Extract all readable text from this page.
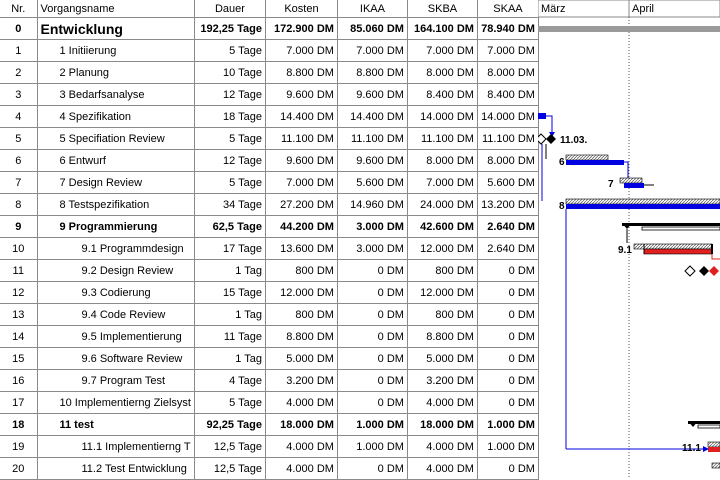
Nr.	Vorgangsname	Dauer	Kosten	IKAA	SKBA	SKAA
0	Entwicklung	192,25 Tage	172.900 DM	85.060 DM	164.100 DM	78.940 DM
1	1 Initiierung	5 Tage	7.000 DM	7.000 DM	7.000 DM	7.000 DM
2	2 Planung	10 Tage	8.800 DM	8.800 DM	8.000 DM	8.000 DM
3	3 Bedarfsanalyse	12 Tage	9.600 DM	9.600 DM	8.400 DM	8.400 DM
4	4 Spezifikation	18 Tage	14.400 DM	14.400 DM	14.000 DM	14.000 DM
5	5 Specifiation Review	5 Tage	11.100 DM	11.100 DM	11.100 DM	11.100 DM
6	6 Entwurf	12 Tage	9.600 DM	9.600 DM	8.000 DM	8.000 DM
7	7 Design Review	5 Tage	7.000 DM	5.600 DM	7.000 DM	5.600 DM
8	8 Testspezifikation	34 Tage	27.200 DM	14.960 DM	24.000 DM	13.200 DM
9	9 Programmierung	62,5 Tage	44.200 DM	3.000 DM	42.600 DM	2.640 DM
10	9.1 Programmdesign	17 Tage	13.600 DM	3.000 DM	12.000 DM	2.640 DM
11	9.2 Design Review	1 Tag	800 DM	0 DM	800 DM	0 DM
12	9.3 Codierung	15 Tage	12.000 DM	0 DM	12.000 DM	0 DM
13	9.4 Code Review	1 Tag	800 DM	0 DM	800 DM	0 DM
14	9.5 Implementierung	11 Tage	8.800 DM	0 DM	8.800 DM	0 DM
15	9.6 Software Review	1 Tag	5.000 DM	0 DM	5.000 DM	0 DM
16	9.7 Program Test	4 Tage	3.200 DM	0 DM	3.200 DM	0 DM
17	10 Implementierng Zielsyst	5 Tage	4.000 DM	0 DM	4.000 DM	0 DM
18	11 test	92,25 Tage	18.000 DM	1.000 DM	18.000 DM	1.000 DM
19	11.1 Implementierng T	12,5 Tage	4.000 DM	1.000 DM	4.000 DM	1.000 DM
20	11.2 Test Entwicklung	12,5 Tage	4.000 DM	0 DM	4.000 DM	0 DM
März	April
11.03.
6
7
8
9.1
11.1
